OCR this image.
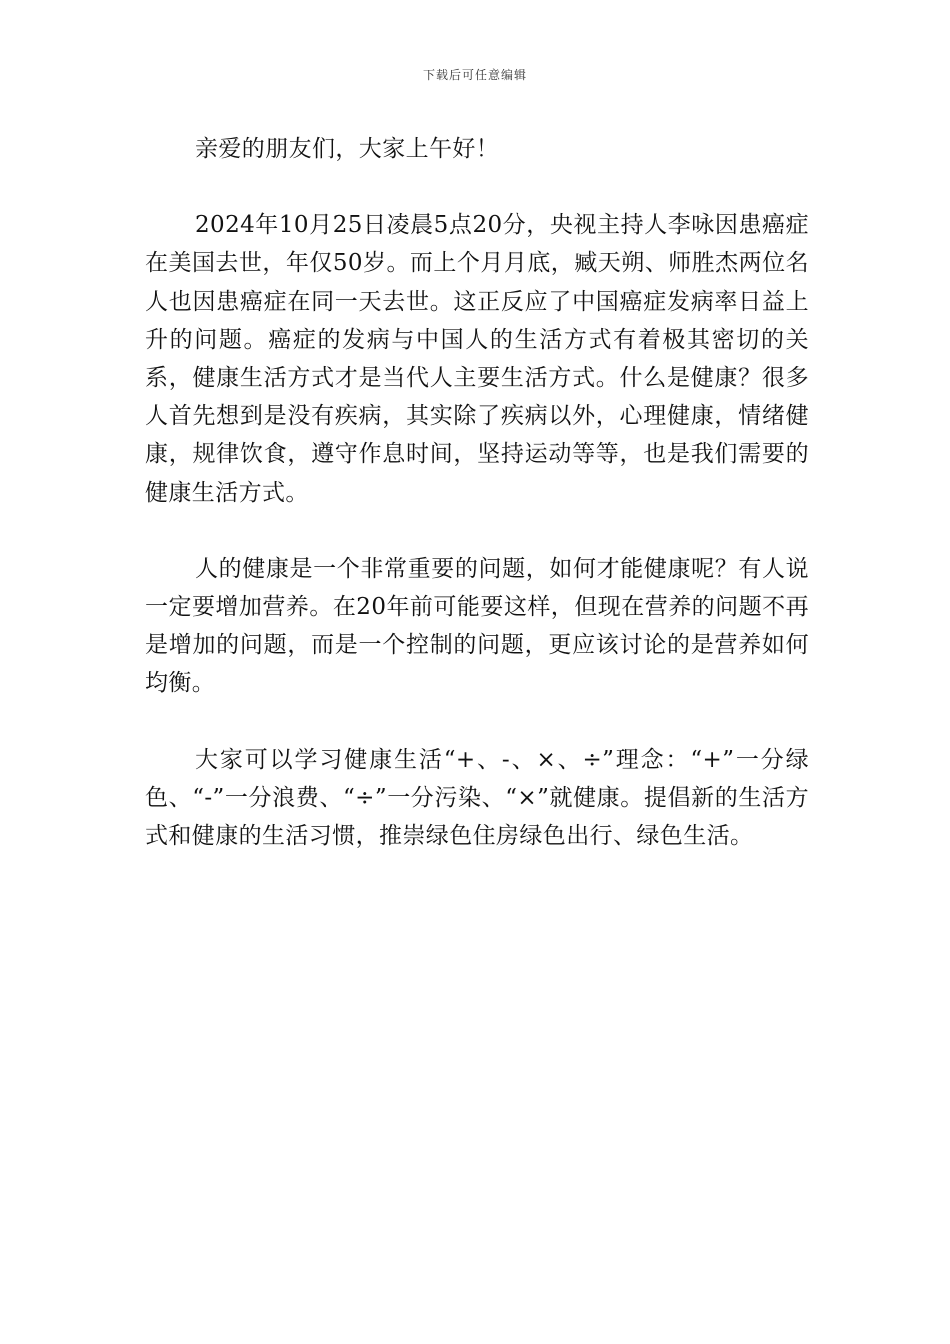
下载后可任意编辑

亲爱的朋友们，大家上午好！

2024年10月25日凌晨5点20分，央视主持人李咏因患癌症在美国去世，年仅50岁。而上个月月底，臧天朔、师胜杰两位名人也因患癌症在同一天去世。这正反应了中国癌症发病率日益上升的问题。癌症的发病与中国人的生活方式有着极其密切的关系，健康生活方式才是当代人主要生活方式。什么是健康？很多人首先想到是没有疾病，其实除了疾病以外，心理健康，情绪健康，规律饮食，遵守作息时间，坚持运动等等，也是我们需要的健康生活方式。

人的健康是一个非常重要的问题，如何才能健康呢？有人说一定要增加营养。在20年前可能要这样，但现在营养的问题不再是增加的问题，而是一个控制的问题，更应该讨论的是营养如何均衡。

大家可以学习健康生活“+、-、×、÷”理念：“+”一分绿色、“-”一分浪费、“÷”一分污染、“×”就健康。提倡新的生活方式和健康的生活习惯，推崇绿色住房绿色出行、绿色生活。
